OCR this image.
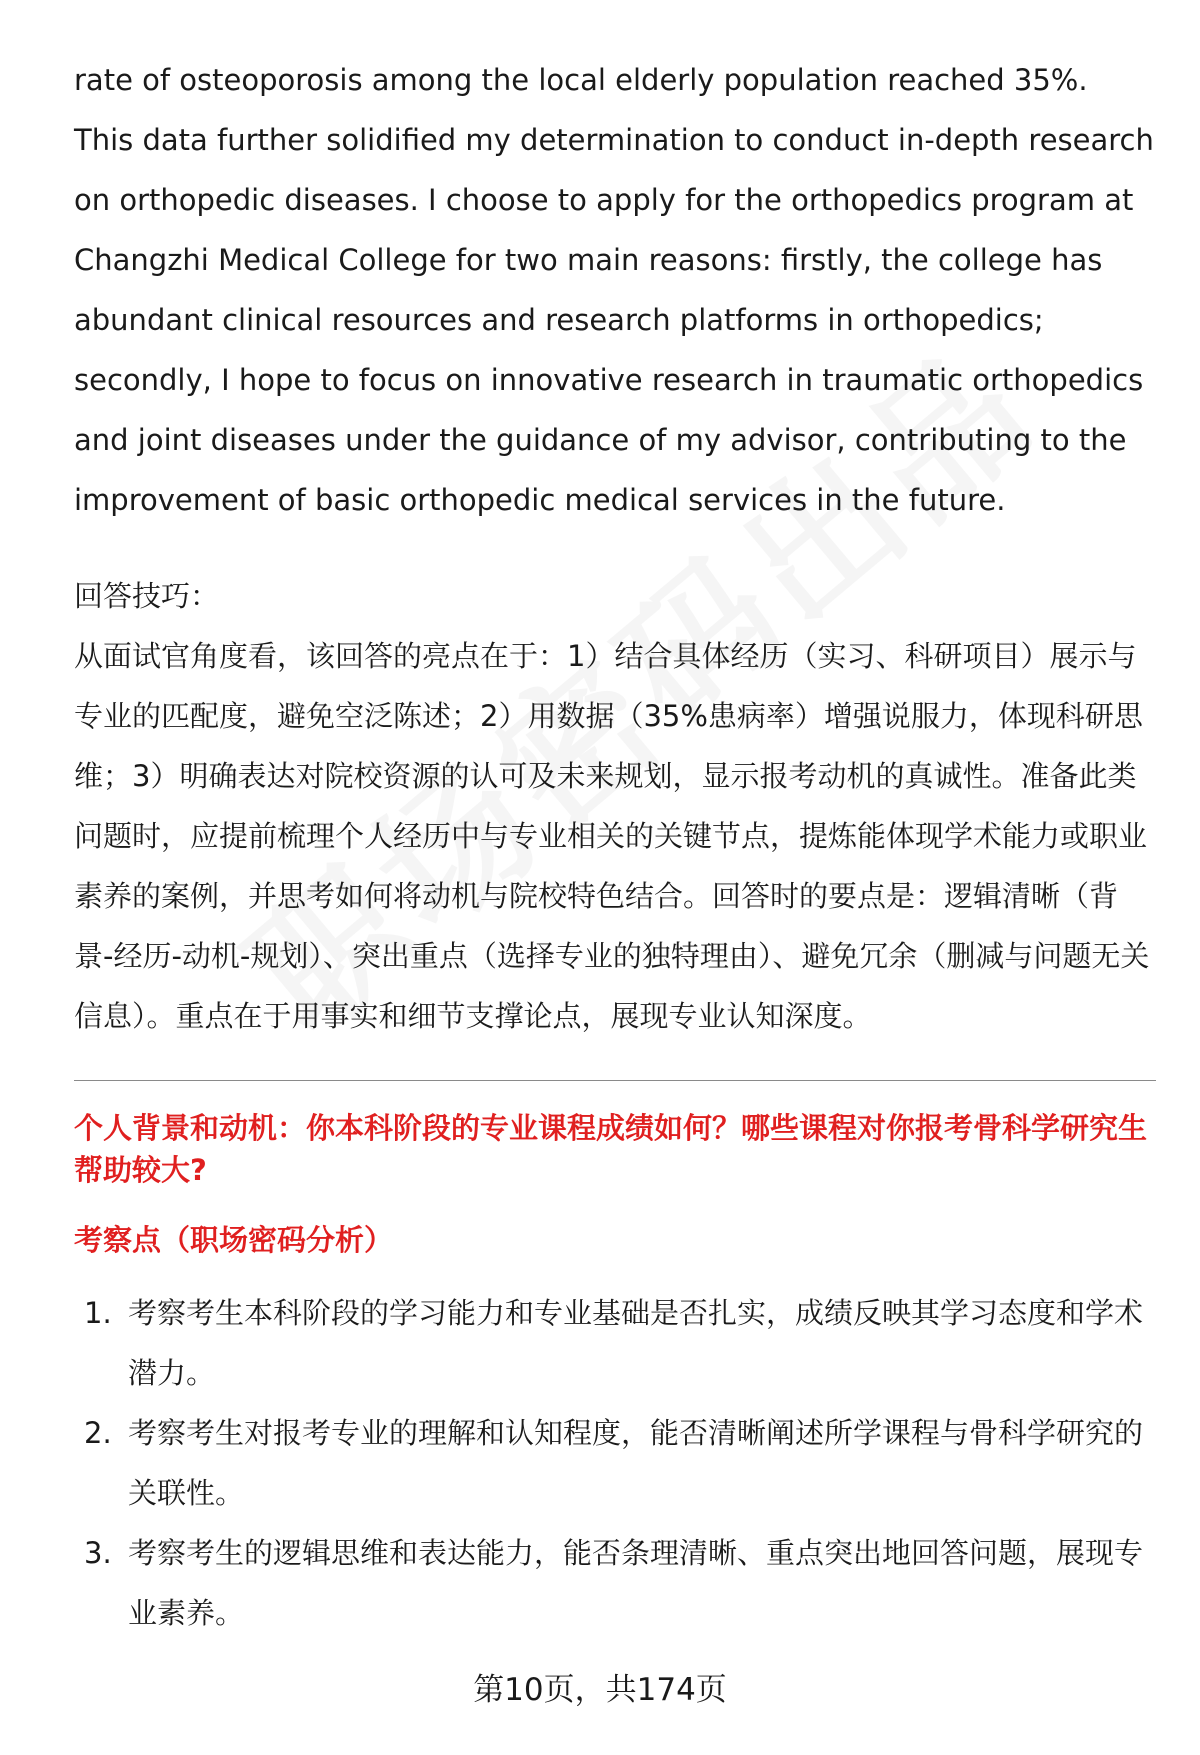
rate of osteoporosis among the local elderly population reached 35%. This data further solidified my determination to conduct in-depth research on orthopedic diseases. I choose to apply for the orthopedics program at Changzhi Medical College for two main reasons: firstly, the college has abundant clinical resources and research platforms in orthopedics; secondly, I hope to focus on innovative research in traumatic orthopedics and joint diseases under the guidance of my advisor, contributing to the improvement of basic orthopedic medical services in the future.

回答技巧：

从面试官角度看，该回答的亮点在于：1）结合具体经历（实习、科研项目）展示与专业的匹配度，避免空泛陈述；2）用数据（35%患病率）增强说服力，体现科研思维；3）明确表达对院校资源的认可及未来规划，显示报考动机的真诚性。准备此类问题时，应提前梳理个人经历中与专业相关的关键节点，提炼能体现学术能力或职业素养的案例，并思考如何将动机与院校特色结合。回答时的要点是：逻辑清晰（背景-经历-动机-规划）、突出重点（选择专业的独特理由）、避免冗余（删减与问题无关信息）。重点在于用事实和细节支撑论点，展现专业认知深度。

个人背景和动机：你本科阶段的专业课程成绩如何？哪些课程对你报考骨科学研究生帮助较大?

考察点（职场密码分析）

1. 考察考生本科阶段的学习能力和专业基础是否扎实，成绩反映其学习态度和学术潜力。
2. 考察考生对报考专业的理解和认知程度，能否清晰阐述所学课程与骨科学研究的关联性。
3. 考察考生的逻辑思维和表达能力，能否条理清晰、重点突出地回答问题，展现专业素养。
第10页，共174页
